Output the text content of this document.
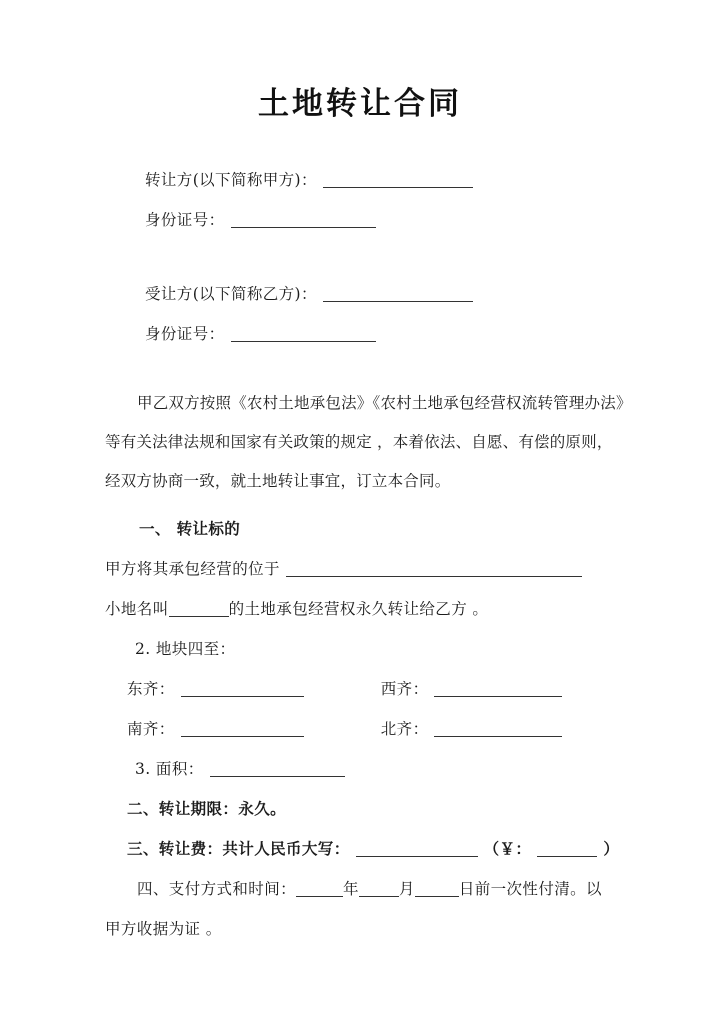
土地转让合同
转让方(以下简称甲方)：
身份证号：
受让方(以下简称乙方)：
身份证号：
甲乙双方按照《农村土地承包法》《农村土地承包经营权流转管理办法》等有关法律法规和国家有关政策的规定 ，本着依法、自愿、有偿的原则，经双方协商一致，就土地转让事宜，订立本合同。
一、 转让标的
甲方将其承包经营的位于
小地名叫	的土地承包经营权永久转让给乙方 。
2. 地块四至：
东齐：	西齐：
南齐：	北齐：
3. 面积：
二、转让期限：永久。
三、转让费：共计人民币大写：	（￥：	）
四、支付方式和时间：	年	月	日前一次性付清。以
甲方收据为证 。
